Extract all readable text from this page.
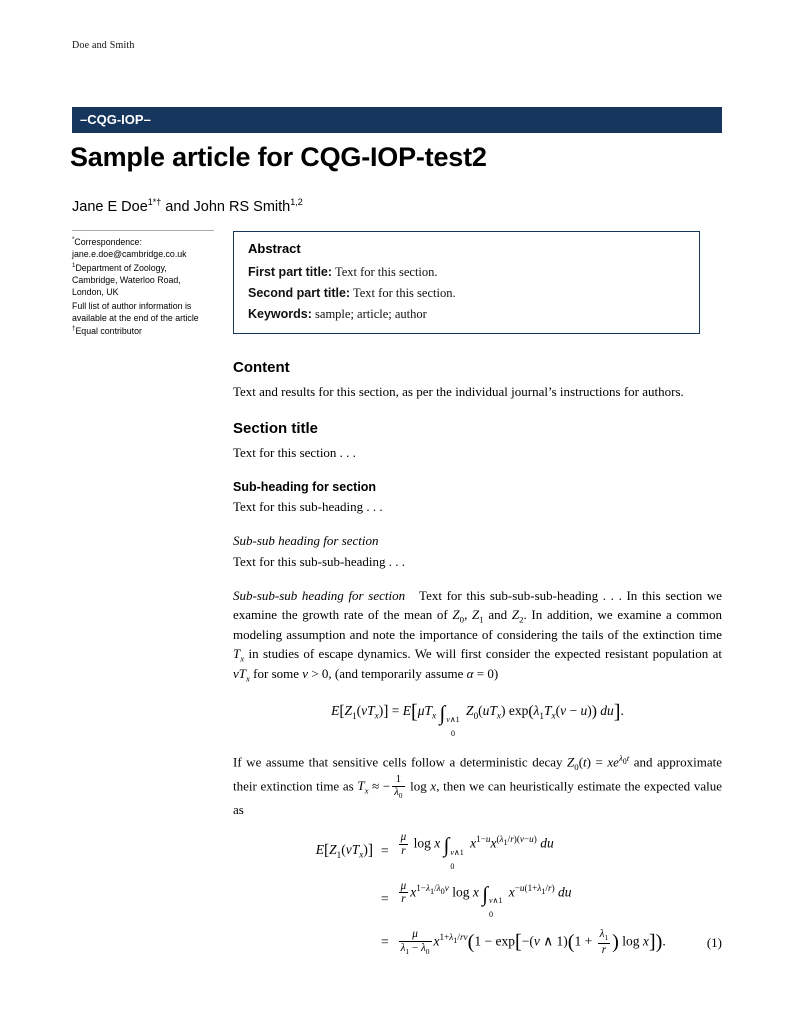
Doe and Smith
–CQG-IOP–
Sample article for CQG-IOP-test2
Jane E Doe$^{1*\dagger}$ and John RS Smith$^{1,2}$

*Correspondence:
jane.e.doe@cambridge.co.uk

$^1$Department of Zoology,
Cambridge, Waterloo Road,
London, UK

Full list of author information is available at the end of the article

†Equal contributor

Abstract

First part title: Text for this section.

Second part title: Text for this section.

Keywords: sample; article; author

Content

Text and results for this section, as per the individual journal’s instructions for authors.

Section title

Text for this section . . .

Sub-heading for section

Text for this sub-heading . . .

Sub-sub heading for section

Text for this sub-sub-heading . . .

Sub-sub-sub heading for section   Text for this sub-sub-sub-heading . . . In this section we examine the growth rate of the mean of $Z_0$, $Z_1$ and $Z_2$. In addition, we examine a common modeling assumption and note the importance of considering the tails of the extinction time $T_x$ in studies of escape dynamics. We will first consider the expected resistant population at $vT_x$ for some v > 0, (and temporarily assume α = 0)

$E[Z_1(vT_x)] = E[\mu T_x$ ∫ v∧1
0
$Z_0(uT_x) \exp(\lambda_1T_x(v - u))$ du].

If we assume that sensitive cells follow a deterministic decay $Z_0(t) = xe^{\lambda_0t}$ and approximate their extinction time as $T_x$ ≈ − $\frac{1}{\lambda_0}$ log x, then we can heuristically estimate the expected value as

$E[Z_1(vT_x)] = \frac{\mu}{r}$ log x ∫ v∧1
0
$x^{1-u}x^{(\lambda_1/r)(v-u)}$ du
= $\frac{\mu}{r} x^{1-\lambda_1/\lambda_0v}$ log x ∫ v∧1
0
$x^{-u(1+\lambda_1/r)}$ du
= $\frac{\mu}{\lambda_1 - \lambda_0} x^{1+\lambda_1/rv}(1 - \exp[-(v$ ∧ $1)(1 + \frac{\lambda_1}{r}$ ) log x]).	(1)
